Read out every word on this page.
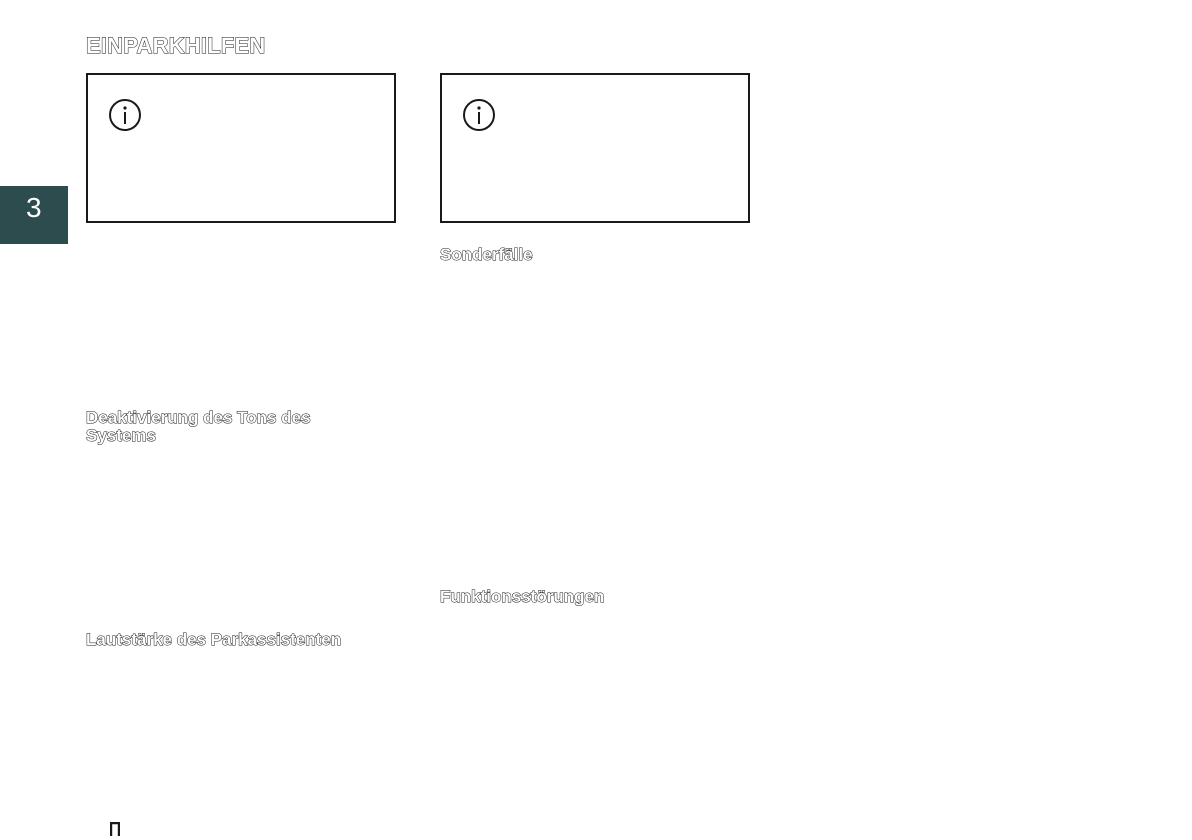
EINPARKHILFEN
3
Deaktivierung des Tons des Systems
Lautstärke des Parkassistenten
Sonderfälle
Funktionsstörungen
